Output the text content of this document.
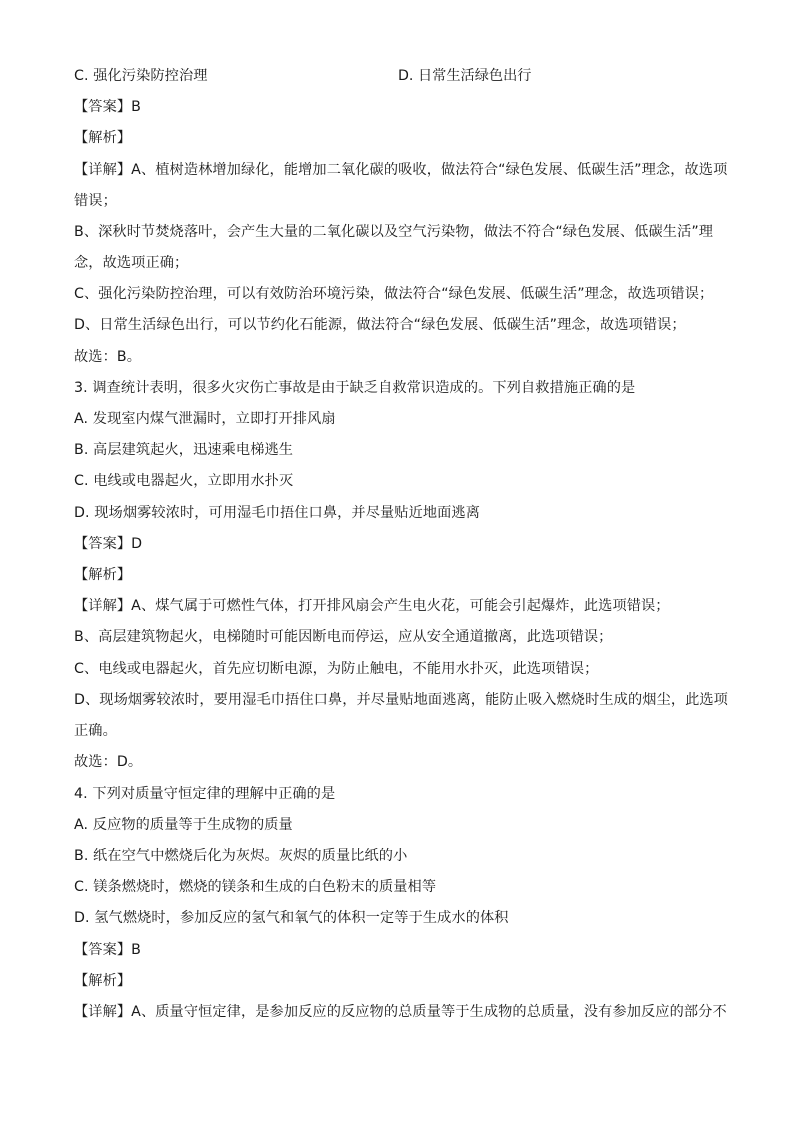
C. 强化污染防控治理	D. 日常生活绿色出行
【答案】B
【解析】
【详解】A、植树造林增加绿化，能增加二氧化碳的吸收，做法符合“绿色发展、低碳生活”理念，故选项
错误；
B、深秋时节焚烧落叶，会产生大量的二氧化碳以及空气污染物，做法不符合“绿色发展、低碳生活”理
念，故选项正确；
C、强化污染防控治理，可以有效防治环境污染，做法符合“绿色发展、低碳生活”理念，故选项错误；
D、日常生活绿色出行，可以节约化石能源，做法符合“绿色发展、低碳生活”理念，故选项错误；
故选：B。
3. 调查统计表明，很多火灾伤亡事故是由于缺乏自救常识造成的。下列自救措施正确的是
A. 发现室内煤气泄漏时，立即打开排风扇
B. 高层建筑起火，迅速乘电梯逃生
C. 电线或电器起火，立即用水扑灭
D. 现场烟雾较浓时，可用湿毛巾捂住口鼻，并尽量贴近地面逃离
【答案】D
【解析】
【详解】A、煤气属于可燃性气体，打开排风扇会产生电火花，可能会引起爆炸，此选项错误；
B、高层建筑物起火，电梯随时可能因断电而停运，应从安全通道撤离，此选项错误；
C、电线或电器起火，首先应切断电源，为防止触电，不能用水扑灭，此选项错误；
D、现场烟雾较浓时，要用湿毛巾捂住口鼻，并尽量贴地面逃离，能防止吸入燃烧时生成的烟尘，此选项
正确。
故选：D。
4. 下列对质量守恒定律的理解中正确的是
A. 反应物的质量等于生成物的质量
B. 纸在空气中燃烧后化为灰烬。灰烬的质量比纸的小
C. 镁条燃烧时，燃烧的镁条和生成的白色粉末的质量相等
D. 氢气燃烧时，参加反应的氢气和氧气的体积一定等于生成水的体积
【答案】B
【解析】
【详解】A、质量守恒定律，是参加反应的反应物的总质量等于生成物的总质量，没有参加反应的部分不
